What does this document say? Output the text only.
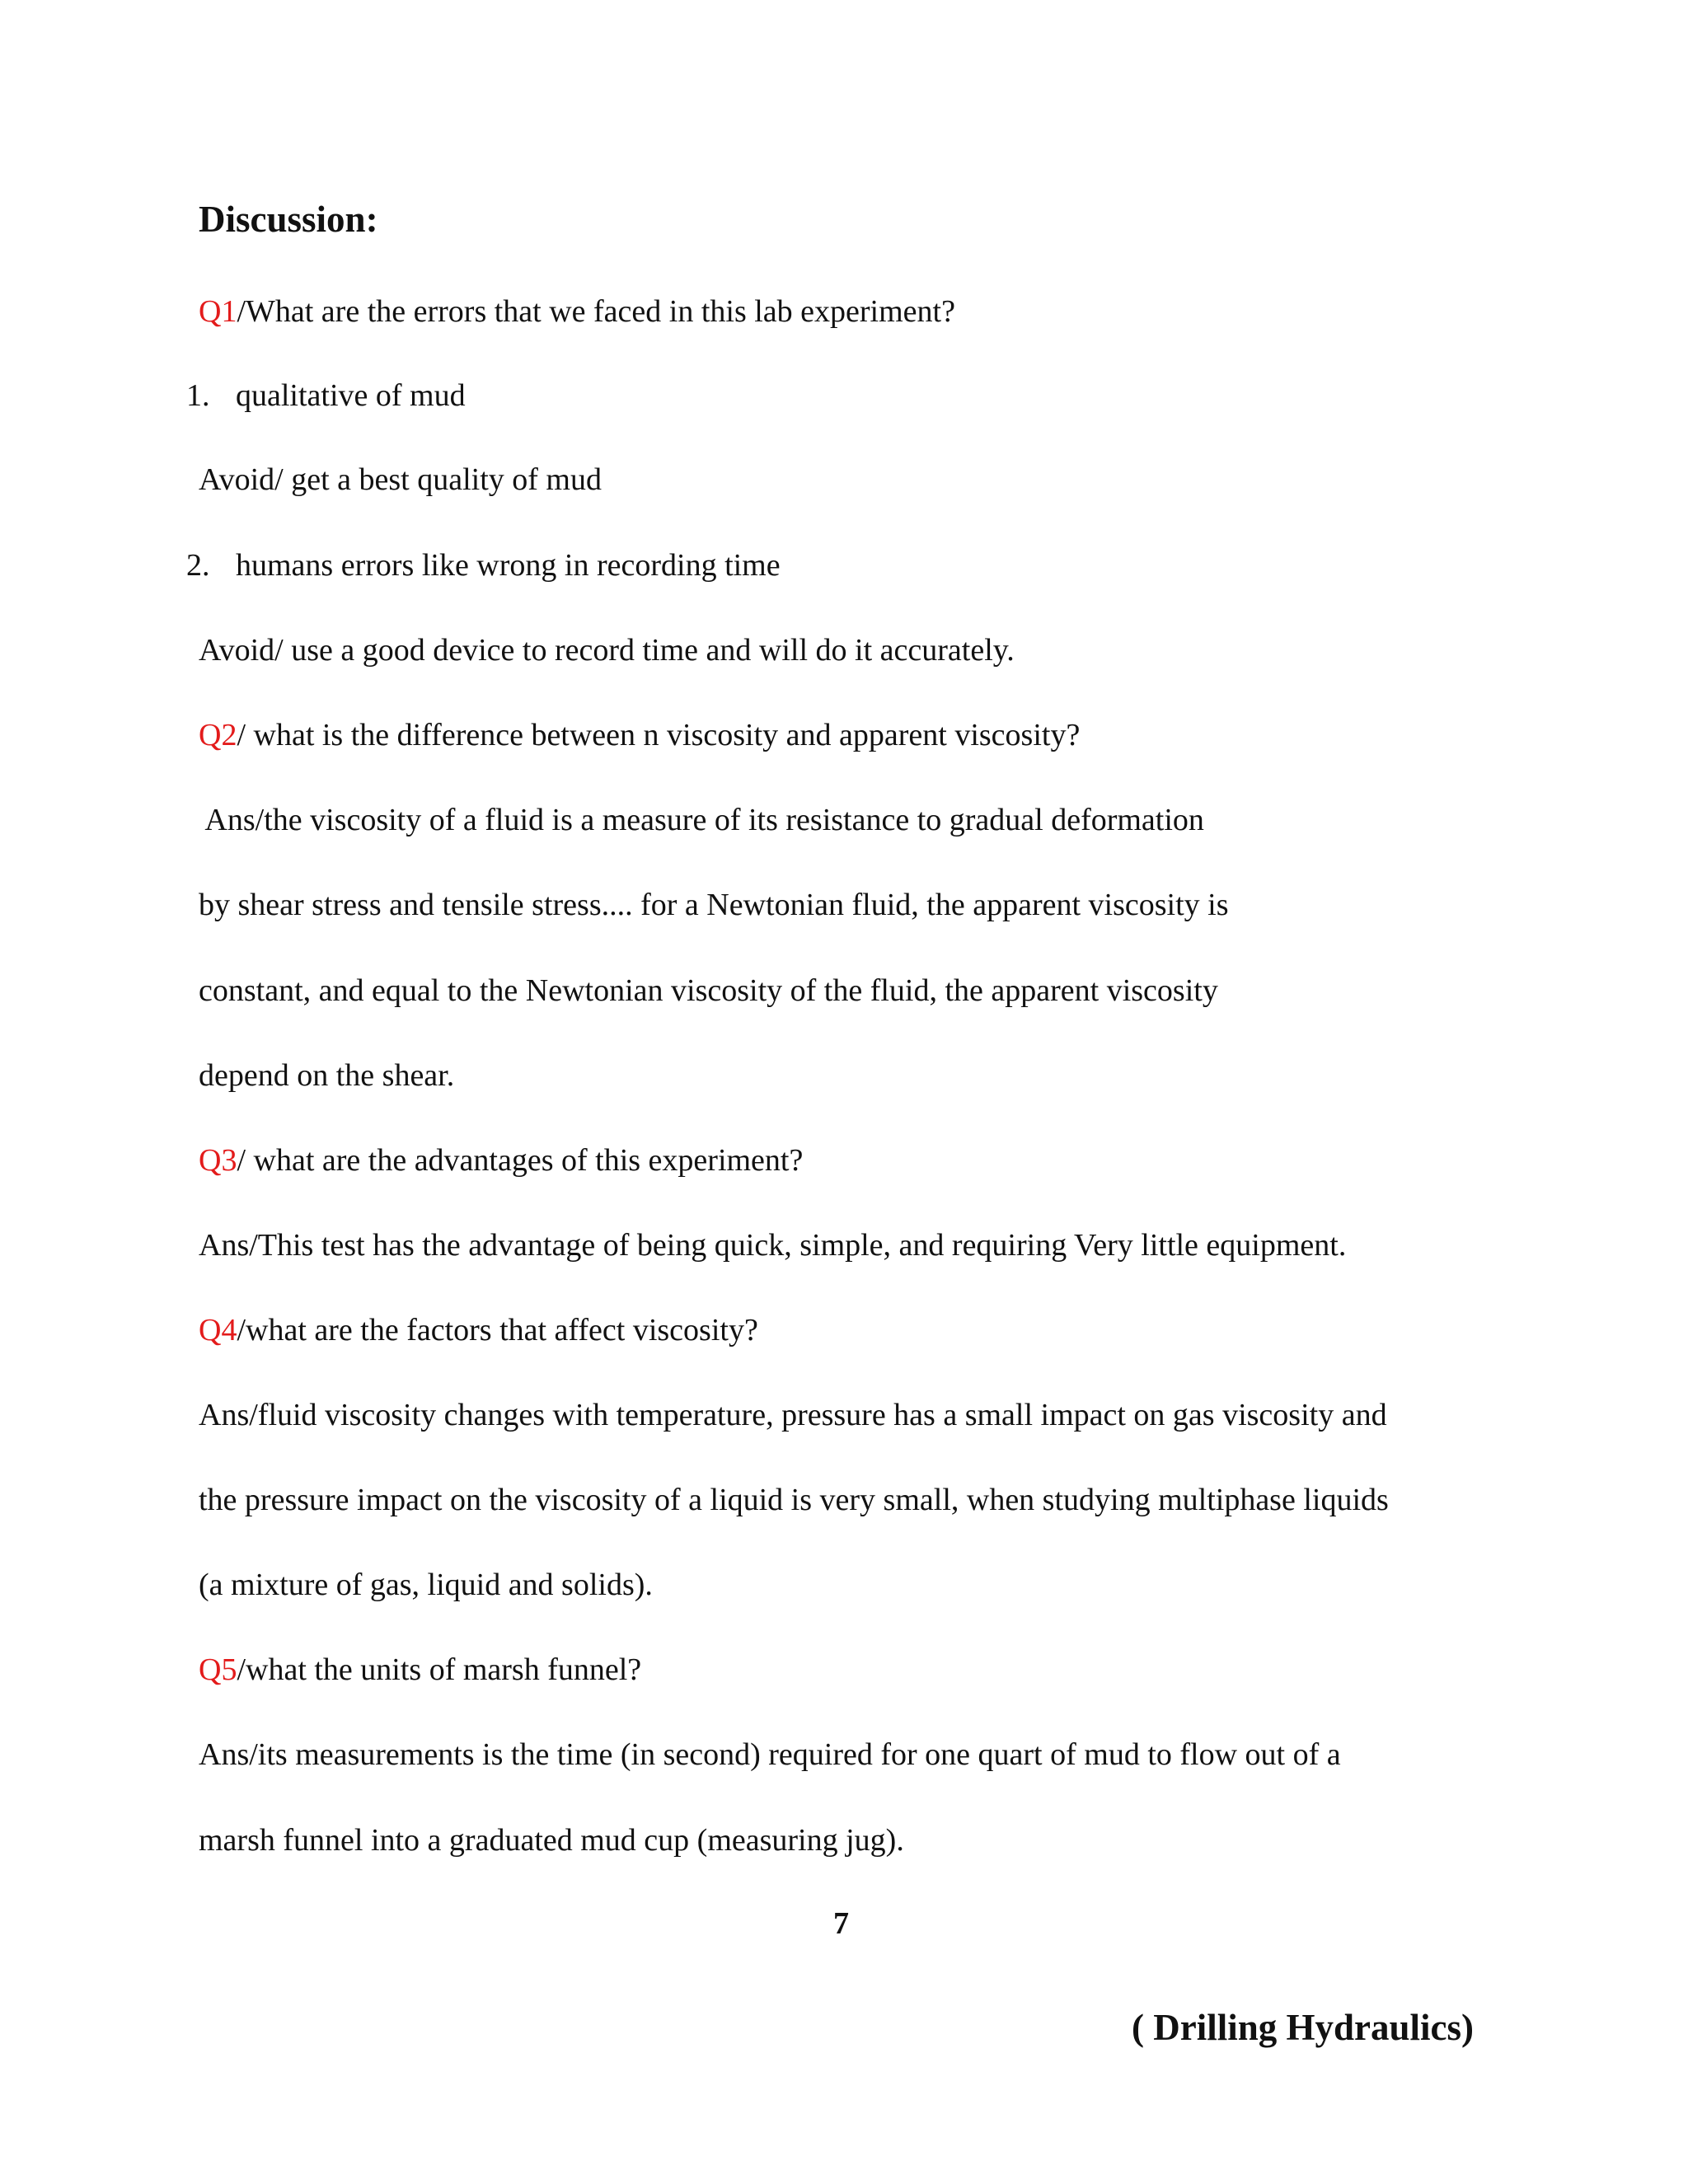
Discussion:
Q1/What are the errors that we faced in this lab experiment?
1. qualitative of mud
Avoid/ get a best quality of mud
2. humans errors like wrong in recording time
Avoid/ use a good device to record time and will do it accurately.
Q2/ what is the difference between n viscosity and apparent viscosity?
Ans/the viscosity of a fluid is a measure of its resistance to gradual deformation
by shear stress and tensile stress.... for a Newtonian fluid, the apparent viscosity is
constant, and equal to the Newtonian viscosity of the fluid, the apparent viscosity
depend on the shear.
Q3/ what are the advantages of this experiment?
Ans/This test has the advantage of being quick, simple, and requiring Very little equipment.
Q4/what are the factors that affect viscosity?
Ans/fluid viscosity changes with temperature, pressure has a small impact on gas viscosity and
the pressure impact on the viscosity of a liquid is very small, when studying multiphase liquids
(a mixture of gas, liquid and solids).
Q5/what the units of marsh funnel?
Ans/its measurements is the time (in second) required for one quart of mud to flow out of a
marsh funnel into a graduated mud cup (measuring jug).
7
( Drilling Hydraulics)
